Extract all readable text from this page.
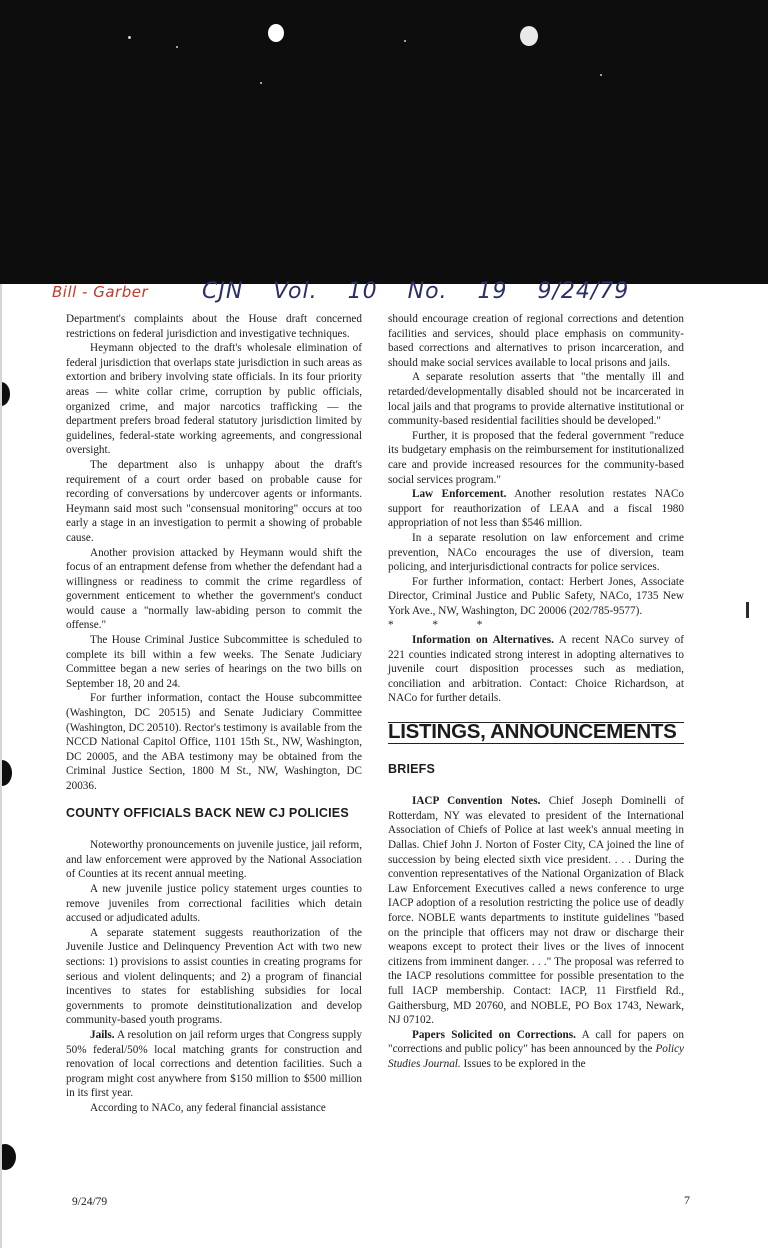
Bill - Garber CJN Vol. 10 No. 19 9/24/79

Department's complaints about the House draft concerned restrictions on federal jurisdiction and investigative techniques.

Heymann objected to the draft's wholesale elimination of federal jurisdiction that overlaps state jurisdiction in such areas as extortion and bribery involving state officials. In its four priority areas — white collar crime, corruption by public officials, organized crime, and major narcotics trafficking — the department prefers broad federal statutory jurisdiction limited by guidelines, federal-state working agreements, and congressional oversight.

The department also is unhappy about the draft's requirement of a court order based on probable cause for recording of conversations by undercover agents or informants. Heymann said most such "consensual monitoring" occurs at too early a stage in an investigation to permit a showing of probable cause.

Another provision attacked by Heymann would shift the focus of an entrapment defense from whether the defendant had a willingness or readiness to commit the crime regardless of government enticement to whether the government's conduct would cause a "normally law-abiding person to commit the offense."

The House Criminal Justice Subcommittee is scheduled to complete its bill within a few weeks. The Senate Judiciary Committee began a new series of hearings on the two bills on September 18, 20 and 24.

For further information, contact the House subcommittee (Washington, DC 20515) and Senate Judiciary Committee (Washington, DC 20510). Rector's testimony is available from the NCCD National Capitol Office, 1101 15th St., NW, Washington, DC 20005, and the ABA testimony may be obtained from the Criminal Justice Section, 1800 M St., NW, Washington, DC 20036.

COUNTY OFFICIALS BACK NEW CJ POLICIES

Noteworthy pronouncements on juvenile justice, jail reform, and law enforcement were approved by the National Association of Counties at its recent annual meeting.

A new juvenile justice policy statement urges counties to remove juveniles from correctional facilities which detain accused or adjudicated adults.

A separate statement suggests reauthorization of the Juvenile Justice and Delinquency Prevention Act with two new sections: 1) provisions to assist counties in creating programs for serious and violent delinquents; and 2) a program of financial incentives to states for establishing subsidies for local governments to promote deinstitutionalization and develop community-based youth programs.

Jails. A resolution on jail reform urges that Congress supply 50% federal/50% local matching grants for construction and renovation of local corrections and detention facilities. Such a program might cost anywhere from $150 million to $500 million in its first year.

According to NACo, any federal financial assistance

should encourage creation of regional corrections and detention facilities and services, should place emphasis on community-based corrections and alternatives to prison incarceration, and should make social services available to local prisons and jails.

A separate resolution asserts that "the mentally ill and retarded/developmentally disabled should not be incarcerated in local jails and that programs to provide alternative institutional or community-based residential facilities should be developed."

Further, it is proposed that the federal government "reduce its budgetary emphasis on the reimbursement for institutionalized care and provide increased resources for the community-based social services program."

Law Enforcement. Another resolution restates NACo support for reauthorization of LEAA and a fiscal 1980 appropriation of not less than $546 million.

In a separate resolution on law enforcement and crime prevention, NACo encourages the use of diversion, team policing, and interjurisdictional contracts for police services.

For further information, contact: Herbert Jones, Associate Director, Criminal Justice and Public Safety, NACo, 1735 New York Ave., NW, Washington, DC 20006 (202/785-9577).

* * *

Information on Alternatives. A recent NACo survey of 221 counties indicated strong interest in adopting alternatives to juvenile court disposition processes such as mediation, conciliation and arbitration. Contact: Choice Richardson, at NACo for further details.

LISTINGS, ANNOUNCEMENTS

BRIEFS

IACP Convention Notes. Chief Joseph Dominelli of Rotterdam, NY was elevated to president of the International Association of Chiefs of Police at last week's annual meeting in Dallas. Chief John J. Norton of Foster City, CA joined the line of succession by being elected sixth vice president. . . . During the convention representatives of the National Organization of Black Law Enforcement Executives called a news conference to urge IACP adoption of a resolution restricting the police use of deadly force. NOBLE wants departments to institute guidelines "based on the principle that officers may not draw or discharge their weapons except to protect their lives or the lives of innocent citizens from imminent danger. . . ." The proposal was referred to the IACP resolutions committee for possible presentation to the full IACP membership. Contact: IACP, 11 Firstfield Rd., Gaithersburg, MD 20760, and NOBLE, PO Box 1743, Newark, NJ 07102.

Papers Solicited on Corrections. A call for papers on "corrections and public policy" has been announced by the Policy Studies Journal. Issues to be explored in the

9/24/79	7
